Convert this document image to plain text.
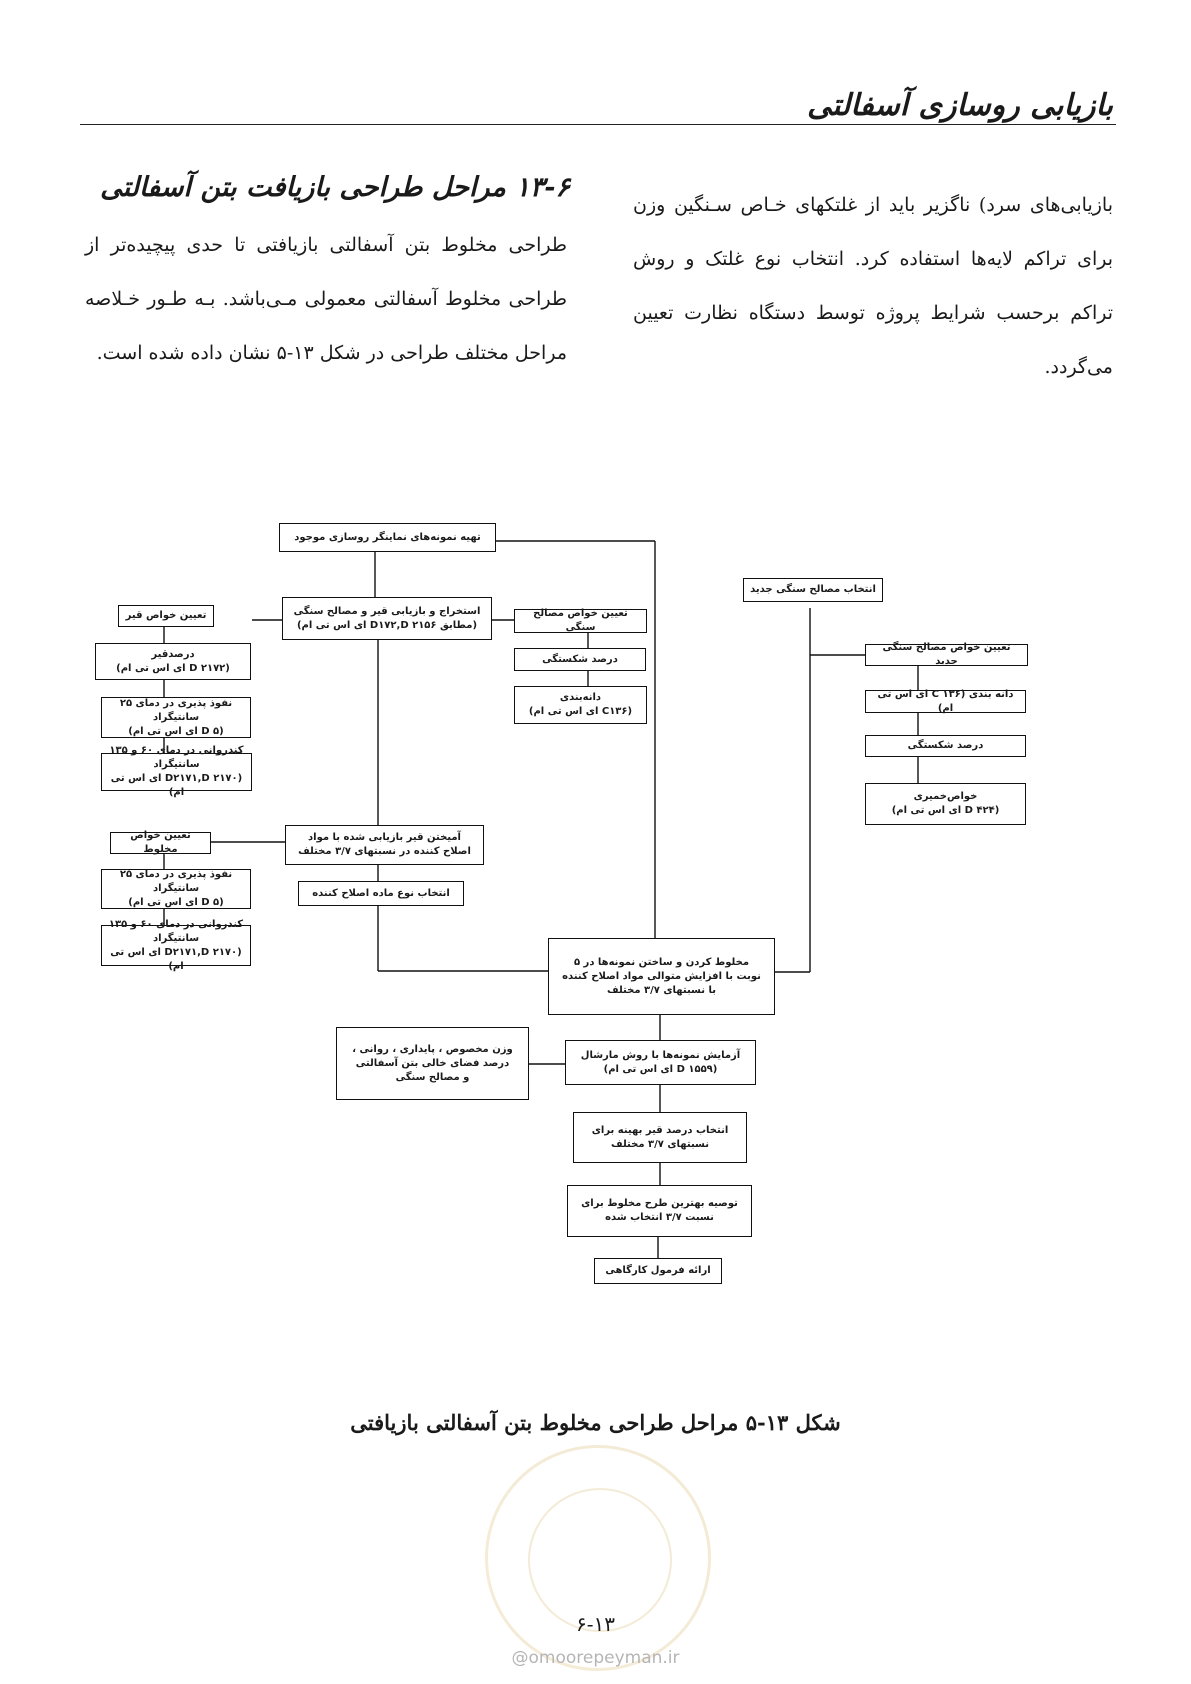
بازیابی روسازی آسفالتی
بازیابی‌های سرد) ناگزیر باید از غلتکهای خـاص سـنگین وزن برای تراکم لایه‌ها استفاده کرد. انتخاب نوع غلتک و روش تراکم برحسب شرایط پروژه توسط دستگاه نظارت تعیین می‌گردد.
۱۳-۶ مراحل طراحی بازیافت بتن آسفالتی
طراحی مخلوط بتن آسفالتی بازیافتی تا حدی پیچیده‌تر از طراحی مخلوط آسفالتی معمولی مـی‌باشد. بـه طـور خـلاصه مراحل مختلف طراحی در شکل ۱۳-۵ نشان داده شده است.
تهیه نمونه‌های نماینگر روسازی موجود
استخراج و بازیابی قیر و مصالح سنگی
(مطابق D۱۷۲,D ۲۱۵۶ ای اس تی ام)
تعیین خواص قیر
درصدقیر
(D ۲۱۷۲ ای اس تی ام)
نفوذ پذیری در دمای ۲۵ سانتیگراد
(D ۵ ای اس تی ام)
کندروانی در دمای ۶۰ و ۱۳۵ سانتیگراد
(D۲۱۷۱,D ۲۱۷۰ ای اس تی ام)
تعیین خواص مصالح سنگی
درصد شکستگی
دانه‌بندی
(C۱۳۶ ای اس تی ام)
انتخاب مصالح سنگی جدید
تعیین خواص مصالح سنگی جدید
دانه بندی (C ۱۳۶ ای اس تی ام)
درصد شکستگی
خواص‌خمیری
(D ۴۲۴ ای اس تی ام)
تعیین خواص مخلوط
نفوذ پذیری در دمای ۲۵ سانتیگراد
(D ۵ ای اس تی ام)
کندروانی در دمای ۶۰ و ۱۳۵ سانتیگراد
(D۲۱۷۱,D ۲۱۷۰ ای اس تی ام)
آمیختن قیر بازیابی شده با مواد
اصلاح کننده در نسبتهای ۳/۷ مختلف
انتخاب نوع ماده اصلاح کننده
مخلوط کردن و ساختن نمونه‌ها در ۵
نوبت با افزایش متوالی مواد اصلاح کننده
با نسبتهای ۳/۷ مختلف
وزن مخصوص ، پایداری ، روانی ،
درصد فضای خالی بتن آسفالتی
و مصالح سنگی
آزمایش نمونه‌ها با روش مارشال
(D ۱۵۵۹ ای اس تی ام)
انتخاب درصد قیر بهینه برای
نسبتهای ۳/۷ مختلف
توصیه بهترین طرح مخلوط برای
نسبت ۳/۷ انتخاب شده
ارائه فرمول کارگاهی
شکل ۱۳-۵ مراحل طراحی مخلوط بتن آسفالتی بازیافتی
۶-۱۳
@omoorepeyman.ir
